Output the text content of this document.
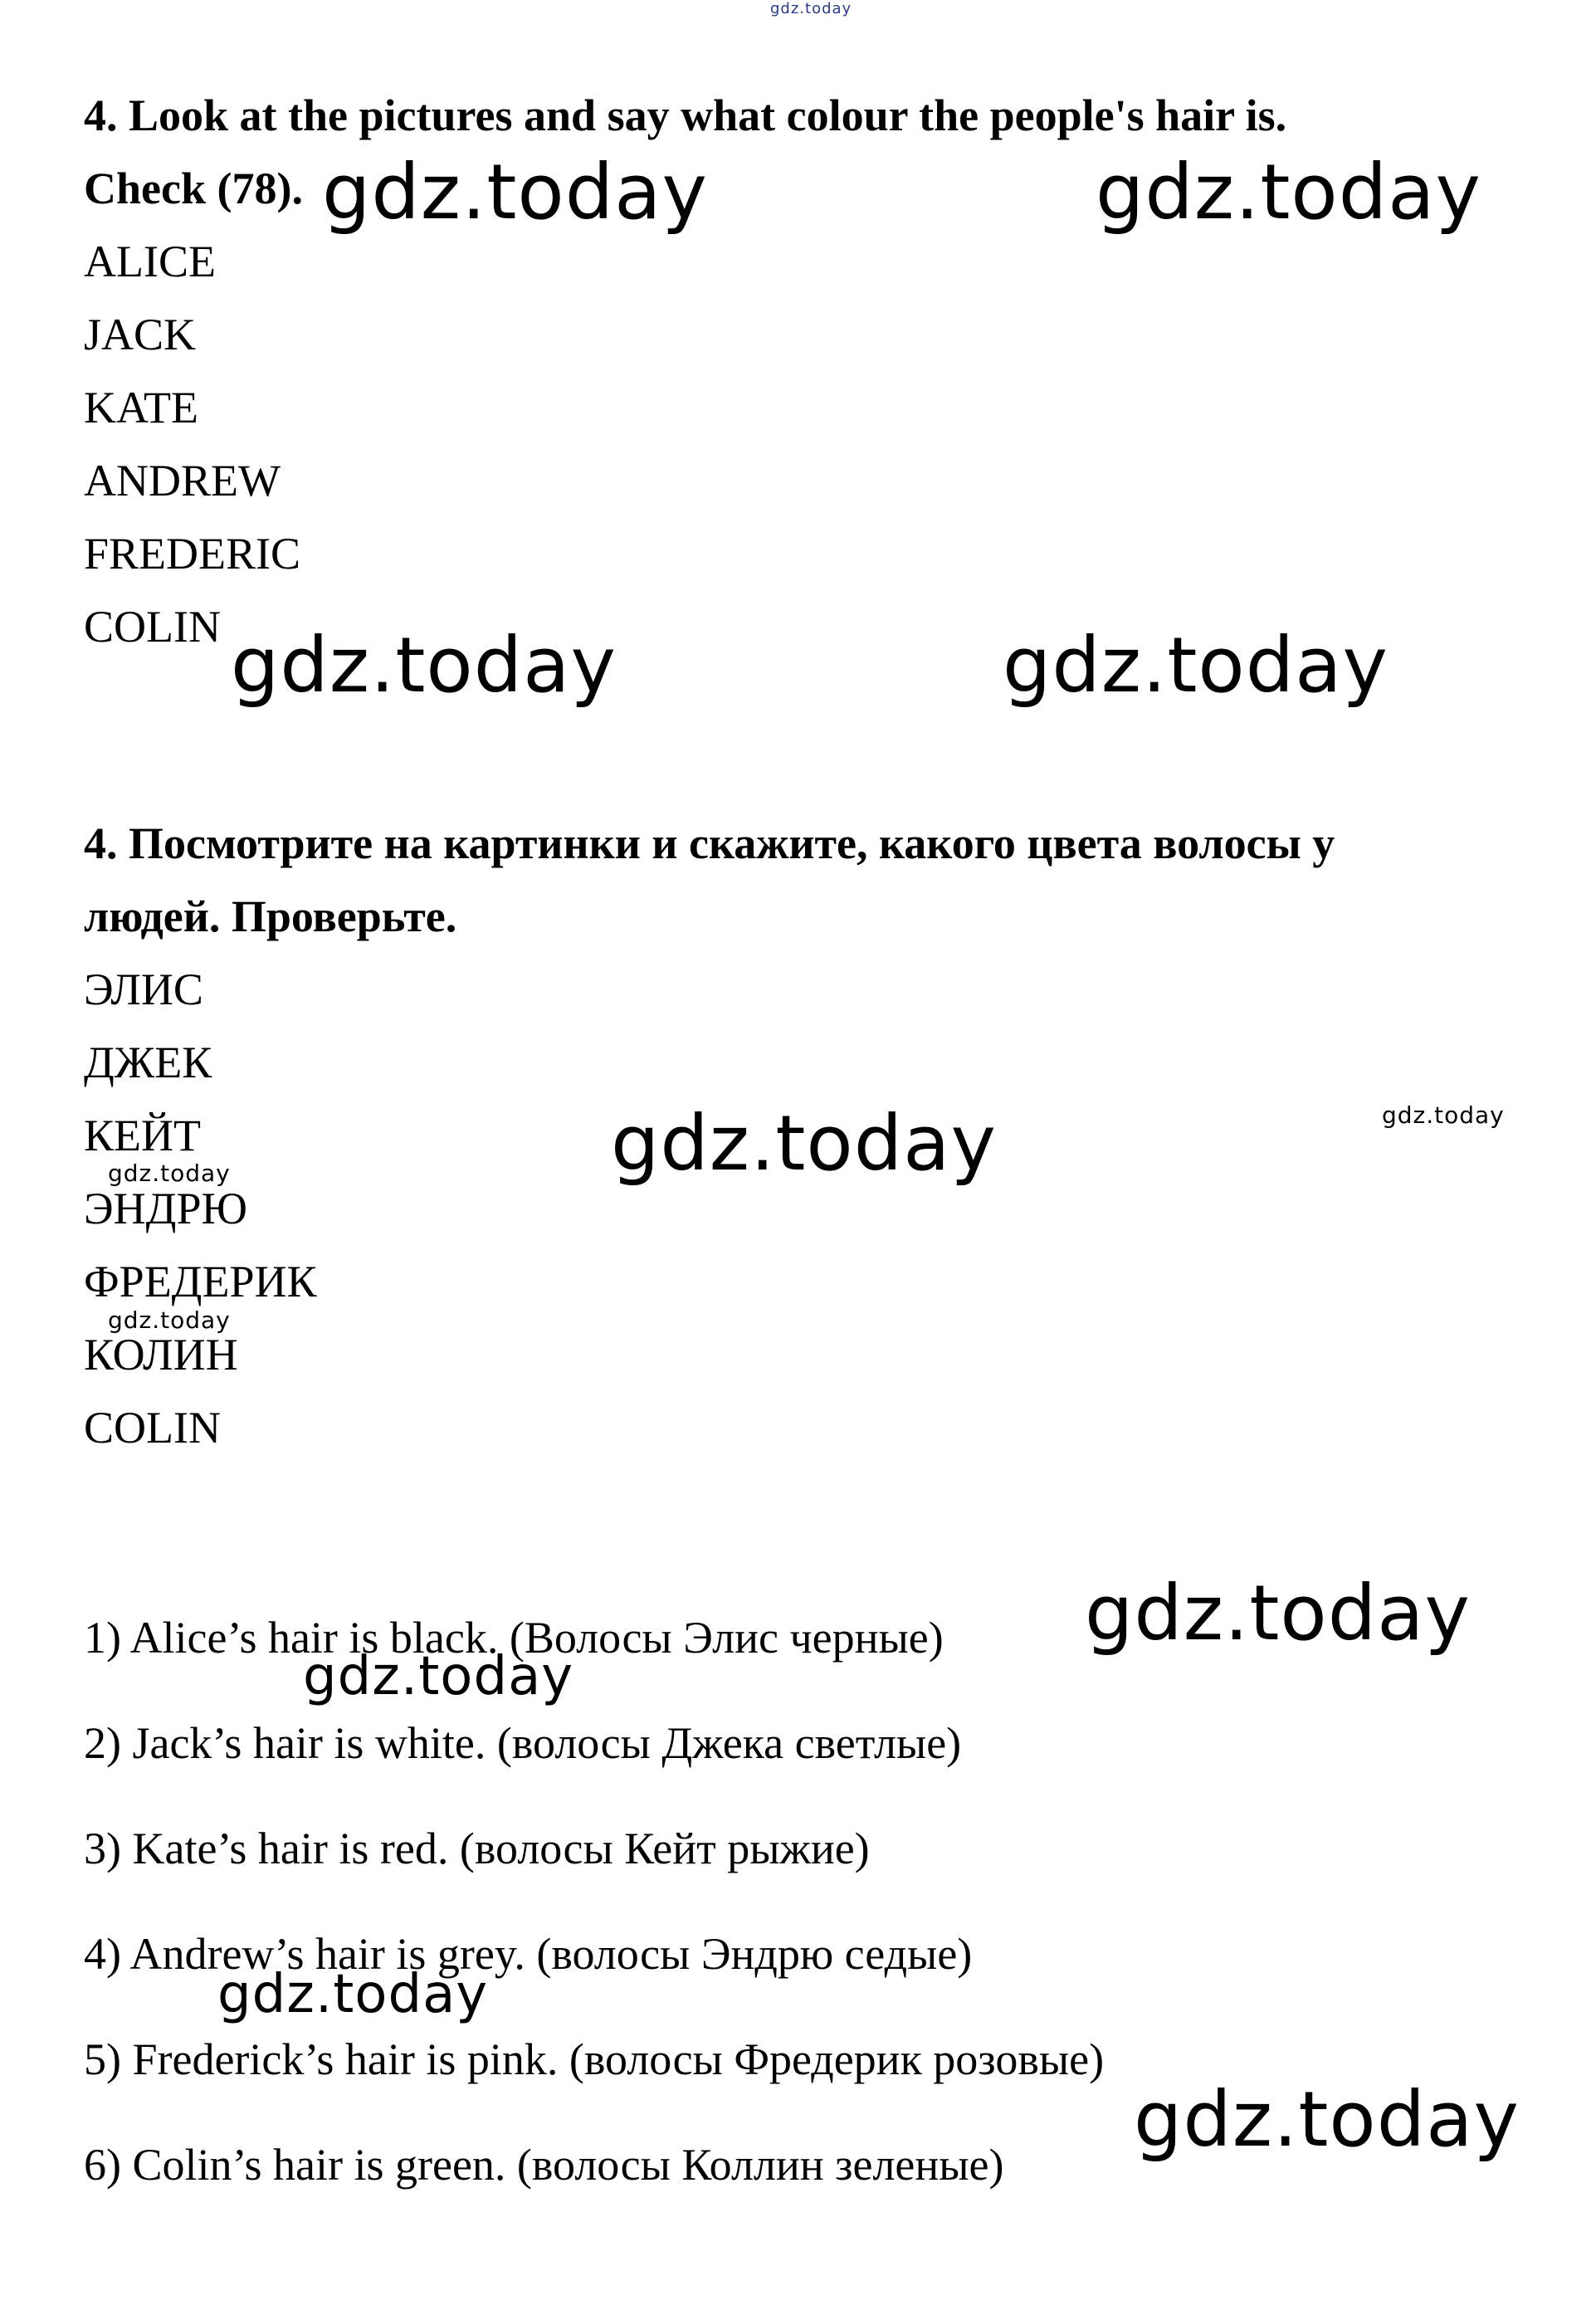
4. Look at the pictures and say what colour the people's hair is.
Check (78).
ALICE
JACK
KATE
ANDREW
FREDERIC
COLIN
4. Посмотрите на картинки и скажите, какого цвета волосы у
людей. Проверьте.
ЭЛИС
ДЖЕК
КЕЙТ
ЭНДРЮ
ФРЕДЕРИК
КОЛИН
COLIN
1) Alice’s hair is black. (Волосы Элис черные)
2) Jack’s hair is white. (волосы Джека светлые)
3) Kate’s hair is red. (волосы Кейт рыжие)
4) Andrew’s hair is grey. (волосы Эндрю седые)
5) Frederick’s hair is pink. (волосы Фредерик розовые)
6) Colin’s hair is green. (волосы Коллин зеленые)
gdz.today
gdz.today	gdz.today
gdz.today	gdz.today
gdz.today	gdz.today
gdz.today
gdz.today
gdz.today
gdz.today
gdz.today
gdz.today
